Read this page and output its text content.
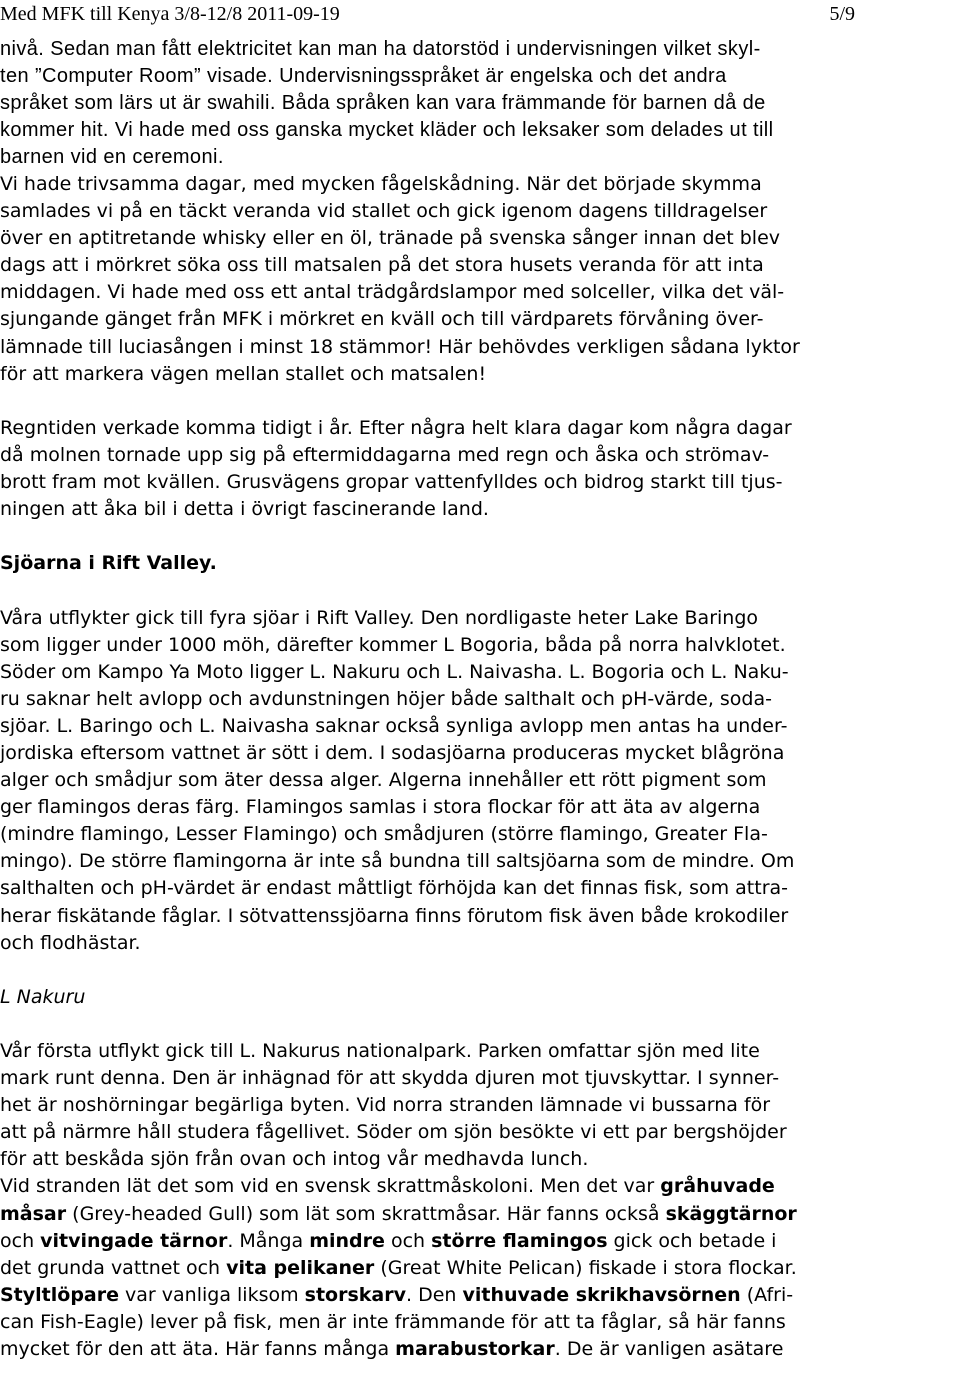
Med MFK till Kenya 3/8-12/8 2011-09-19	5/9
nivå. Sedan man fått elektricitet kan man ha datorstöd i undervisningen vilket skyl-
ten ”Computer Room” visade. Undervisningsspråket är engelska och det andra
språket som lärs ut är swahili. Båda språken kan vara främmande för barnen då de
kommer hit. Vi hade med oss ganska mycket kläder och leksaker som delades ut till
barnen vid en ceremoni.
Vi hade trivsamma dagar, med mycken fågelskådning. När det började skymma
samlades vi på en täckt veranda vid stallet och gick igenom dagens tilldragelser
över en aptitretande whisky eller en öl, tränade på svenska sånger innan det blev
dags att i mörkret söka oss till matsalen på det stora husets veranda för att inta
middagen. Vi hade med oss ett antal trädgårdslampor med solceller, vilka det väl-
sjungande gänget från MFK i mörkret en kväll och till värdparets förvåning över-
lämnade till luciasången i minst 18 stämmor! Här behövdes verkligen sådana lyktor
för att markera vägen mellan stallet och matsalen!
Regntiden verkade komma tidigt i år. Efter några helt klara dagar kom några dagar
då molnen tornade upp sig på eftermiddagarna med regn och åska och strömav-
brott fram mot kvällen. Grusvägens gropar vattenfylldes och bidrog starkt till tjus-
ningen att åka bil i detta i övrigt fascinerande land.
Sjöarna i Rift Valley.
Våra utflykter gick till fyra sjöar i Rift Valley. Den nordligaste heter Lake Baringo
som ligger under 1000 möh, därefter kommer L Bogoria, båda på norra halvklotet.
Söder om Kampo Ya Moto ligger L. Nakuru och L. Naivasha. L. Bogoria och L. Naku-
ru saknar helt avlopp och avdunstningen höjer både salthalt och pH-värde, soda-
sjöar. L. Baringo och L. Naivasha saknar också synliga avlopp men antas ha under-
jordiska eftersom vattnet är sött i dem. I sodasjöarna produceras mycket blågröna
alger och smådjur som äter dessa alger. Algerna innehåller ett rött pigment som
ger flamingos deras färg. Flamingos samlas i stora flockar för att äta av algerna
(mindre flamingo, Lesser Flamingo) och smådjuren (större flamingo, Greater Fla-
mingo). De större flamingorna är inte så bundna till saltsjöarna som de mindre. Om
salthalten och pH-värdet är endast måttligt förhöjda kan det finnas fisk, som attra-
herar fiskätande fåglar. I sötvattenssjöarna finns förutom fisk även både krokodiler
och flodhästar.
L Nakuru
Vår första utflykt gick till L. Nakurus nationalpark. Parken omfattar sjön med lite
mark runt denna. Den är inhägnad för att skydda djuren mot tjuvskyttar. I synner-
het är noshörningar begärliga byten. Vid norra stranden lämnade vi bussarna för
att på närmre håll studera fågellivet. Söder om sjön besökte vi ett par bergshöjder
för att beskåda sjön från ovan och intog vår medhavda lunch.
Vid stranden lät det som vid en svensk skrattmåskoloni. Men det var gråhuvade
måsar (Grey-headed Gull) som lät som skrattmåsar. Här fanns också skäggtärnor
och vitvingade tärnor. Många mindre och större flamingos gick och betade i
det grunda vattnet och vita pelikaner (Great White Pelican) fiskade i stora flockar.
Styltlöpare var vanliga liksom storskarv. Den vithuvade skrikhavsörnen (Afri-
can Fish-Eagle) lever på fisk, men är inte främmande för att ta fåglar, så här fanns
mycket för den att äta. Här fanns många marabustorkar. De är vanligen asätare
